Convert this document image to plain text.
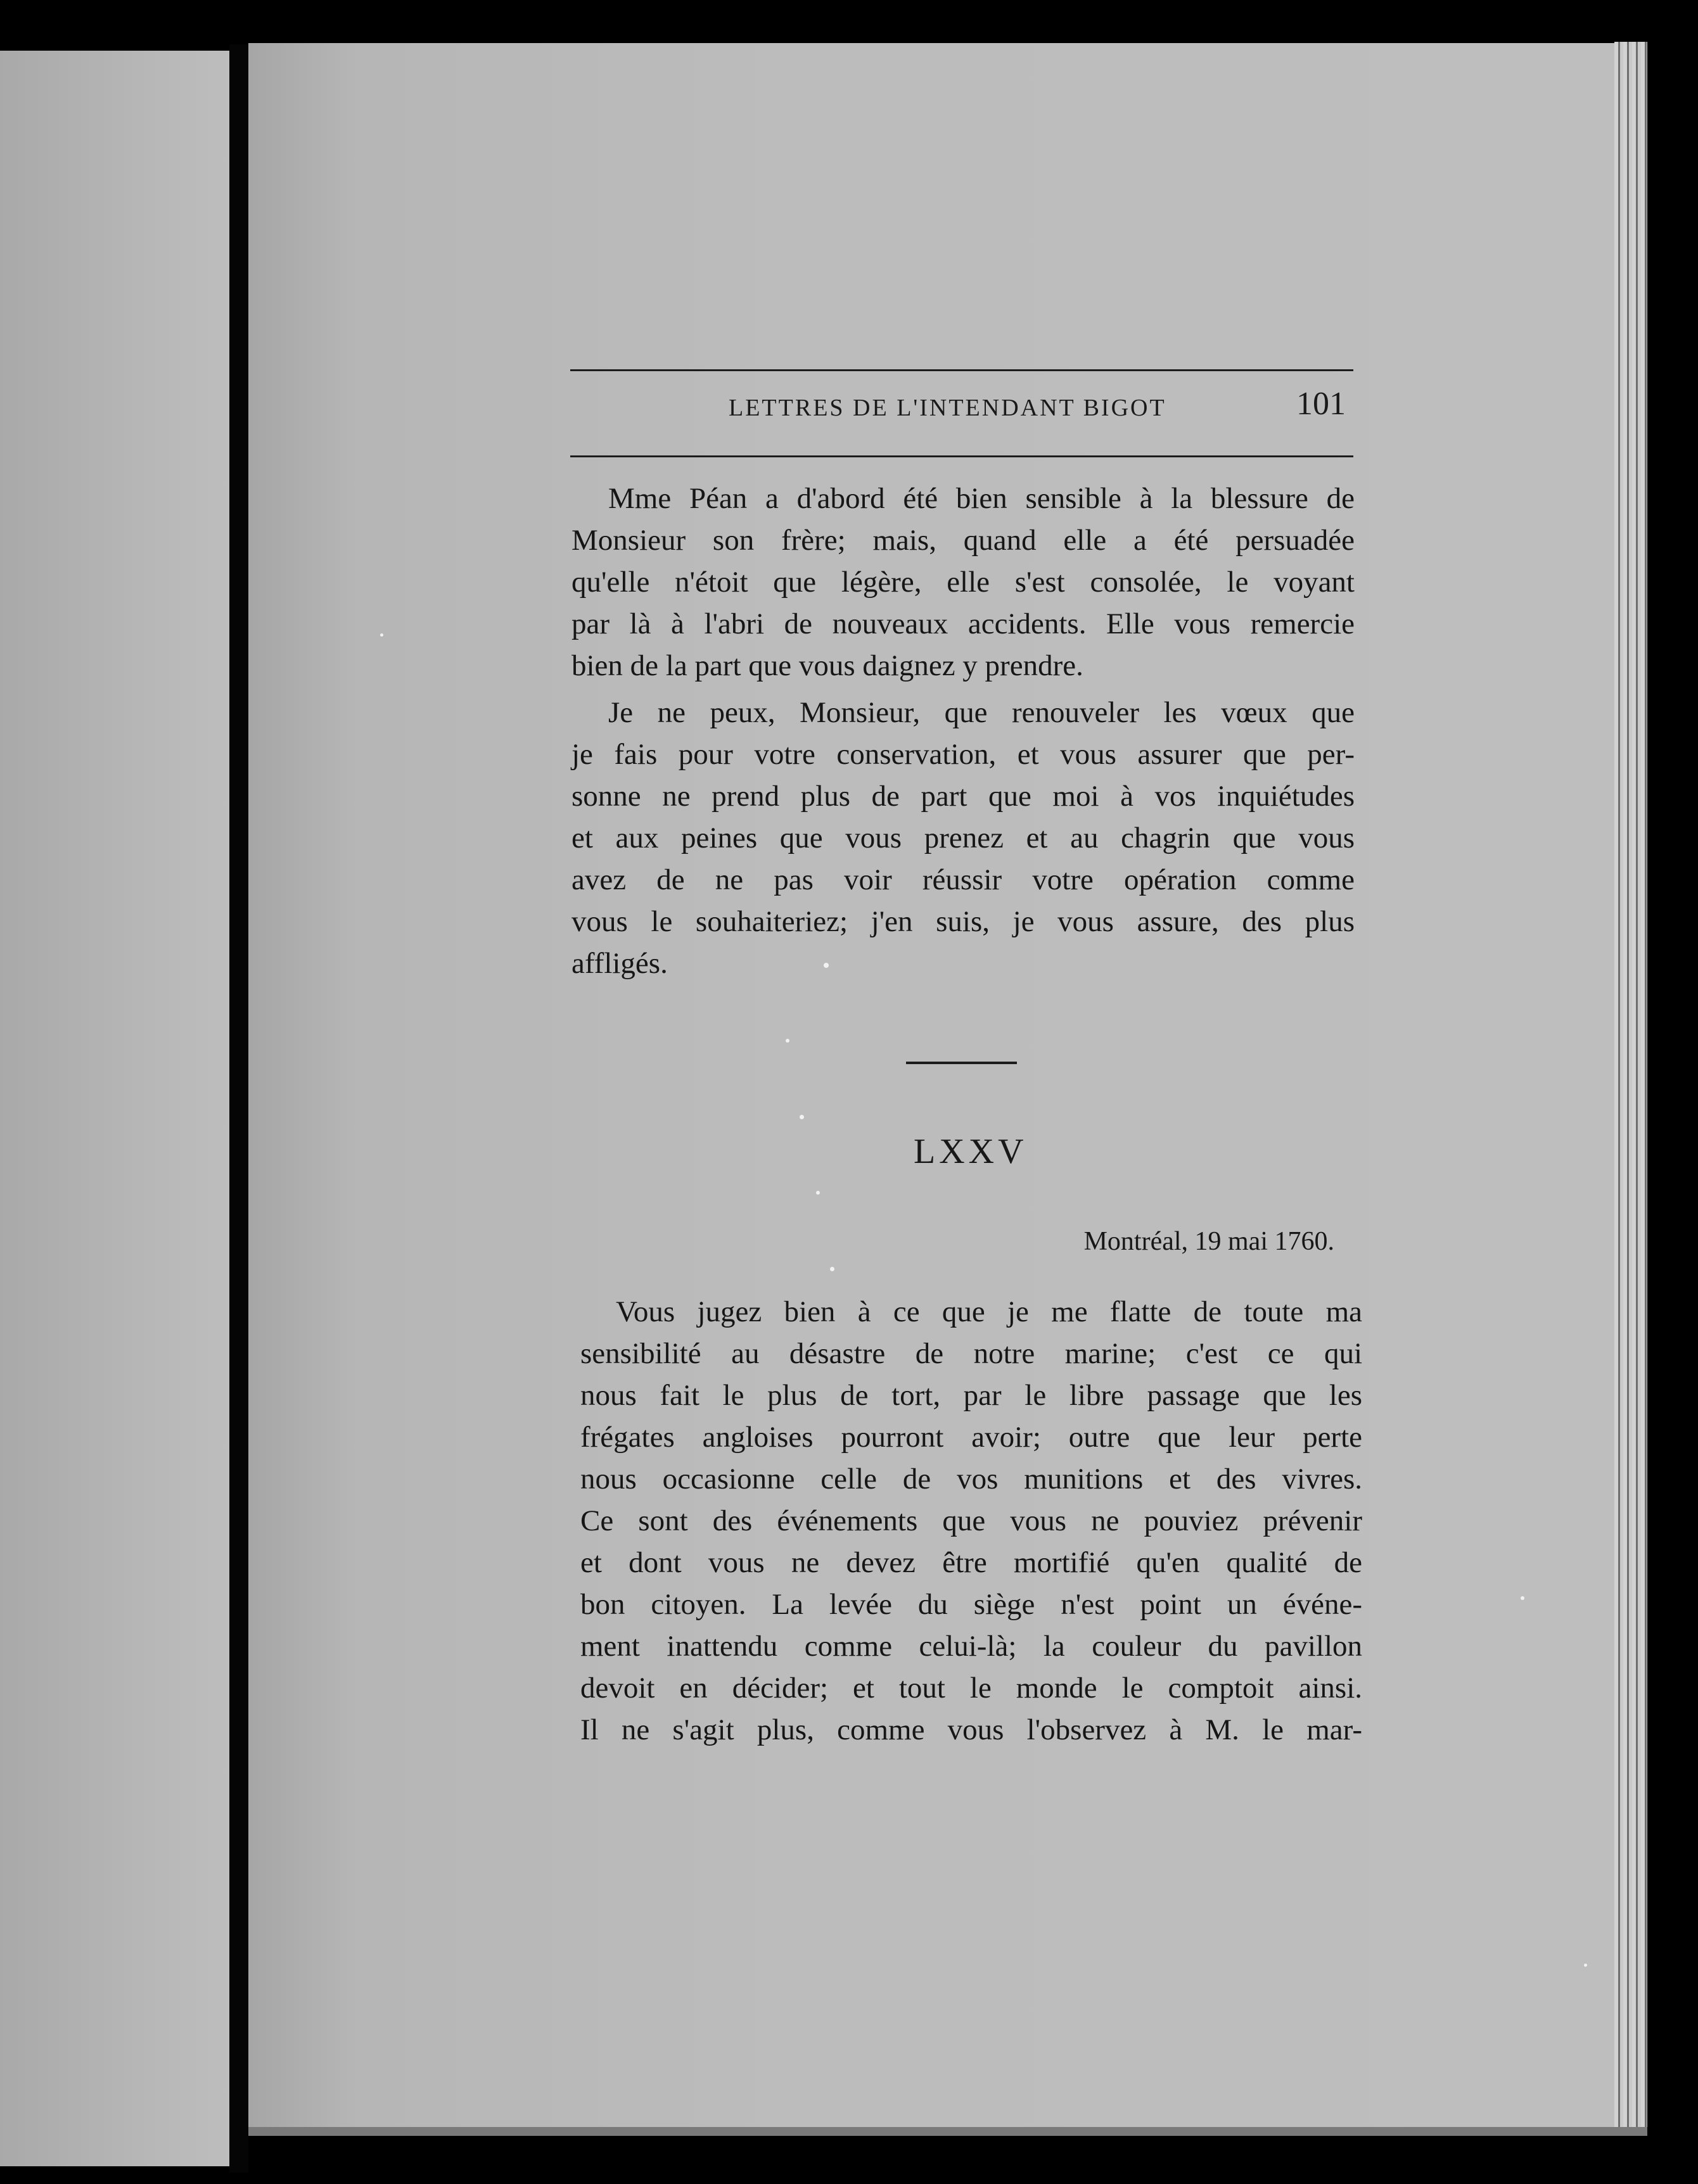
LETTRES DE L'INTENDANT BIGOT	101
Mme Péan a d'abord été bien sensible à la blessure de
Monsieur son frère; mais, quand elle a été persuadée
qu'elle n'étoit que légère, elle s'est consolée, le voyant
par là à l'abri de nouveaux accidents. Elle vous remercie
bien de la part que vous daignez y prendre.
Je ne peux, Monsieur, que renouveler les vœux que
je fais pour votre conservation, et vous assurer que per-
sonne ne prend plus de part que moi à vos inquiétudes
et aux peines que vous prenez et au chagrin que vous
avez de ne pas voir réussir votre opération comme
vous le souhaiteriez; j'en suis, je vous assure, des plus
affligés.
LXXV
Montréal, 19 mai 1760.
Vous jugez bien à ce que je me flatte de toute ma
sensibilité au désastre de notre marine; c'est ce qui
nous fait le plus de tort, par le libre passage que les
frégates angloises pourront avoir; outre que leur perte
nous occasionne celle de vos munitions et des vivres.
Ce sont des événements que vous ne pouviez prévenir
et dont vous ne devez être mortifié qu'en qualité de
bon citoyen. La levée du siège n'est point un événe-
ment inattendu comme celui-là; la couleur du pavillon
devoit en décider; et tout le monde le comptoit ainsi.
Il ne s'agit plus, comme vous l'observez à M. le mar-
